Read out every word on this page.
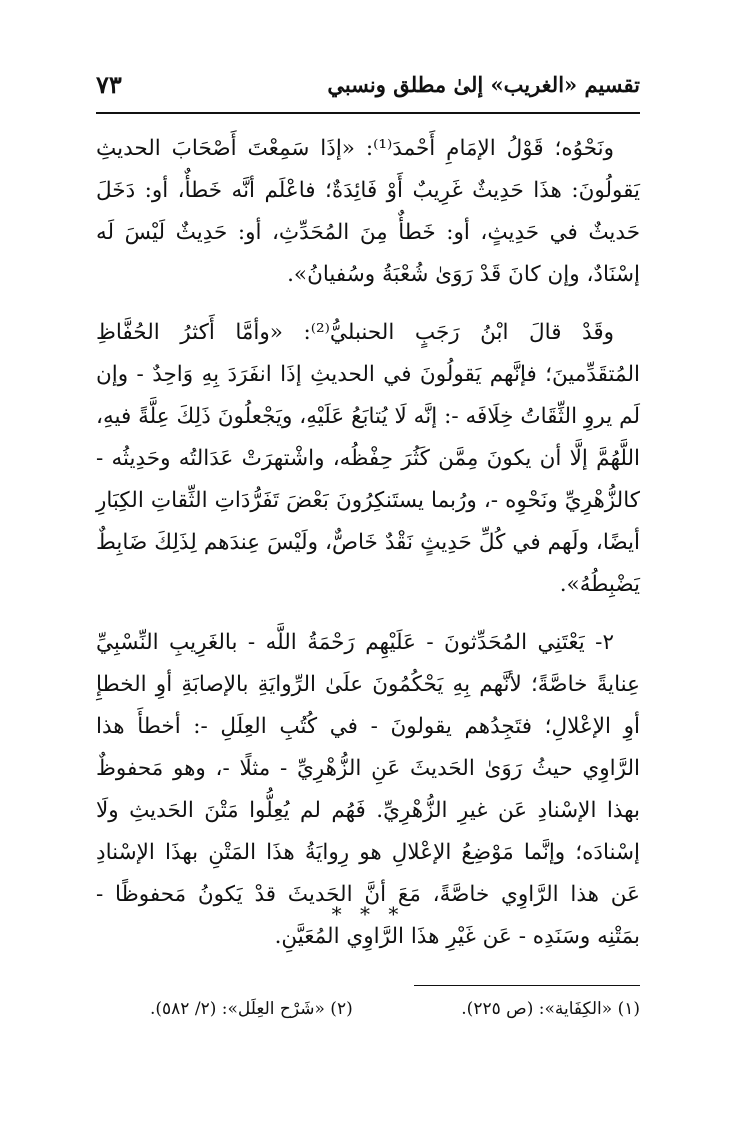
تقسيم «الغريب» إلىٰ مطلق ونسبي
٧٣

ونَحْوُه؛ قَوْلُ الإمَامِ أَحْمدَ⁽¹⁾: «إذَا سَمِعْتَ أَصْحَابَ الحديثِ يَقولُونَ: هذَا حَدِيثٌ غَرِيبٌ أَوْ فَائِدَةٌ؛ فاعْلَم أنَّه خَطأٌ، أو: دَخَلَ حَديثٌ في حَدِيثٍ، أو: خَطأٌ مِنَ المُحَدِّثِ، أو: حَدِيثٌ لَيْسَ لَه إسْنَادٌ، وإن كانَ قَدْ رَوَىٰ شُعْبَةُ وسُفيانُ».

وقَدْ قالَ ابْنُ رَجَبٍ الحنبليُّ⁽²⁾: «وأمَّا أَكثرُ الحُفَّاظِ المُتقَدِّمينَ؛ فإنَّهم يَقولُونَ في الحديثِ إذَا انفَرَدَ بِهِ وَاحِدٌ - وإن لَم يروِ الثِّقَاتُ خِلَافَه -: إنَّه لَا يُتابَعُ عَلَيْهِ، ويَجْعلُونَ ذَلِكَ عِلَّةً فيهِ، اللَّهُمَّ إلَّا أن يكونَ مِمَّن كَثُرَ حِفْظُه، واشْتهرَتْ عَدَالتُه وحَدِيثُه - كالزُّهْرِيِّ ونَحْوِه -، ورُبما يستَنكِرُونَ بَعْضَ تَفَرُّدَاتِ الثِّقاتِ الكِبَارِ أيضًا، ولَهم في كُلِّ حَدِيثٍ نَقْدٌ خَاصٌّ، ولَيْسَ عِندَهم لِذَلِكَ ضَابِطٌ يَضْبِطُهُ».

٢- يَعْتَنِي المُحَدِّثونَ - عَلَيْهِم رَحْمَةُ اللَّه - بالغَرِيبِ النِّسْبِيِّ عِنايةً خاصَّةً؛ لأنَّهم بِهِ يَحْكُمُونَ علَىٰ الرِّوايَةِ بالإصابَةِ أوِ الخطإِ أوِ الإعْلالِ؛ فتَجِدُهم يقولونَ - في كُتُبِ العِلَلِ -: أخطأَ هذا الرَّاوِي حيثُ رَوَىٰ الحَديثَ عَنِ الزُّهْرِيِّ - مثلًا -، وهو مَحفوظٌ بهذا الإسْنادِ عَن غيرِ الزُّهْرِيِّ. فَهُم لم يُعِلُّوا مَتْنَ الحَديثِ ولَا إسْنادَه؛ وإنَّما مَوْضِعُ الإعْلالِ هو رِوايَةُ هذَا المَتْنِ بهذَا الإسْنادِ عَن هذا الرَّاوِي خاصَّةً، مَعَ أنَّ الحَديثَ قدْ يَكونُ مَحفوظًا - بمَتْنِه وسَنَدِه - عَن غَيْرِ هذَا الرَّاوِي المُعَيَّنِ.

* * *
(١) «الكِفَاية»: (ص ٢٢٥).
(٢) «شَرْح العِلَل»: (٢/ ٥٨٢).
